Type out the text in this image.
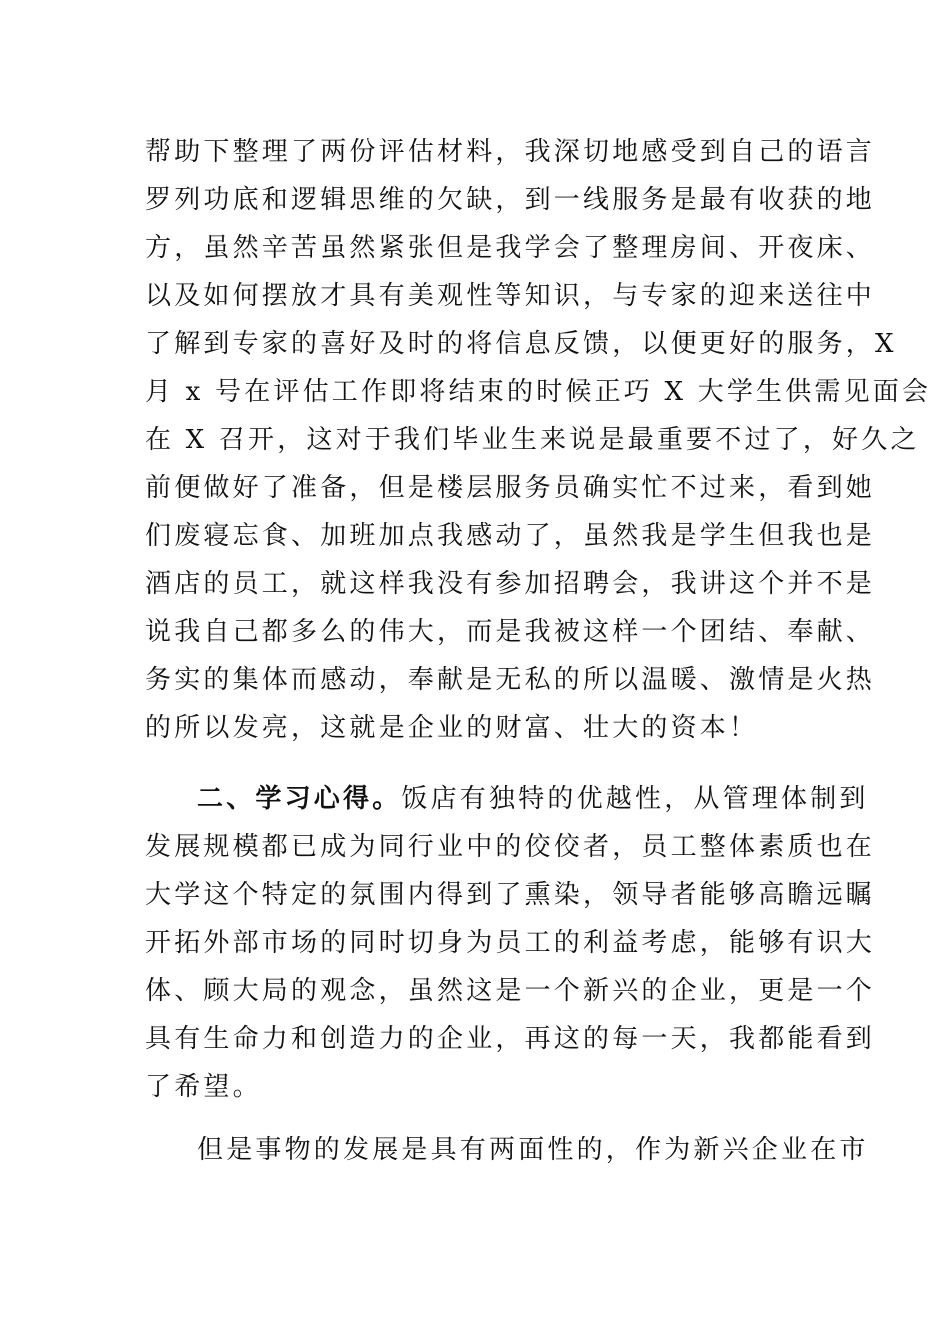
帮助下整理了两份评估材料，我深切地感受到自己的语言
罗列功底和逻辑思维的欠缺，到一线服务是最有收获的地
方，虽然辛苦虽然紧张但是我学会了整理房间、开夜床、
以及如何摆放才具有美观性等知识，与专家的迎来送往中
了解到专家的喜好及时的将信息反馈，以便更好的服务，X
月 x 号在评估工作即将结束的时候正巧 X 大学生供需见面会
在 X 召开，这对于我们毕业生来说是最重要不过了，好久之
前便做好了准备，但是楼层服务员确实忙不过来，看到她
们废寝忘食、加班加点我感动了，虽然我是学生但我也是
酒店的员工，就这样我没有参加招聘会，我讲这个并不是
说我自己都多么的伟大，而是我被这样一个团结、奉献、
务实的集体而感动，奉献是无私的所以温暖、激情是火热
的所以发亮，这就是企业的财富、壮大的资本！
二、学习心得。饭店有独特的优越性，从管理体制到
发展规模都已成为同行业中的佼佼者，员工整体素质也在
大学这个特定的氛围内得到了熏染，领导者能够高瞻远瞩
开拓外部市场的同时切身为员工的利益考虑，能够有识大
体、顾大局的观念，虽然这是一个新兴的企业，更是一个
具有生命力和创造力的企业，再这的每一天，我都能看到
了希望。
但是事物的发展是具有两面性的，作为新兴企业在市
